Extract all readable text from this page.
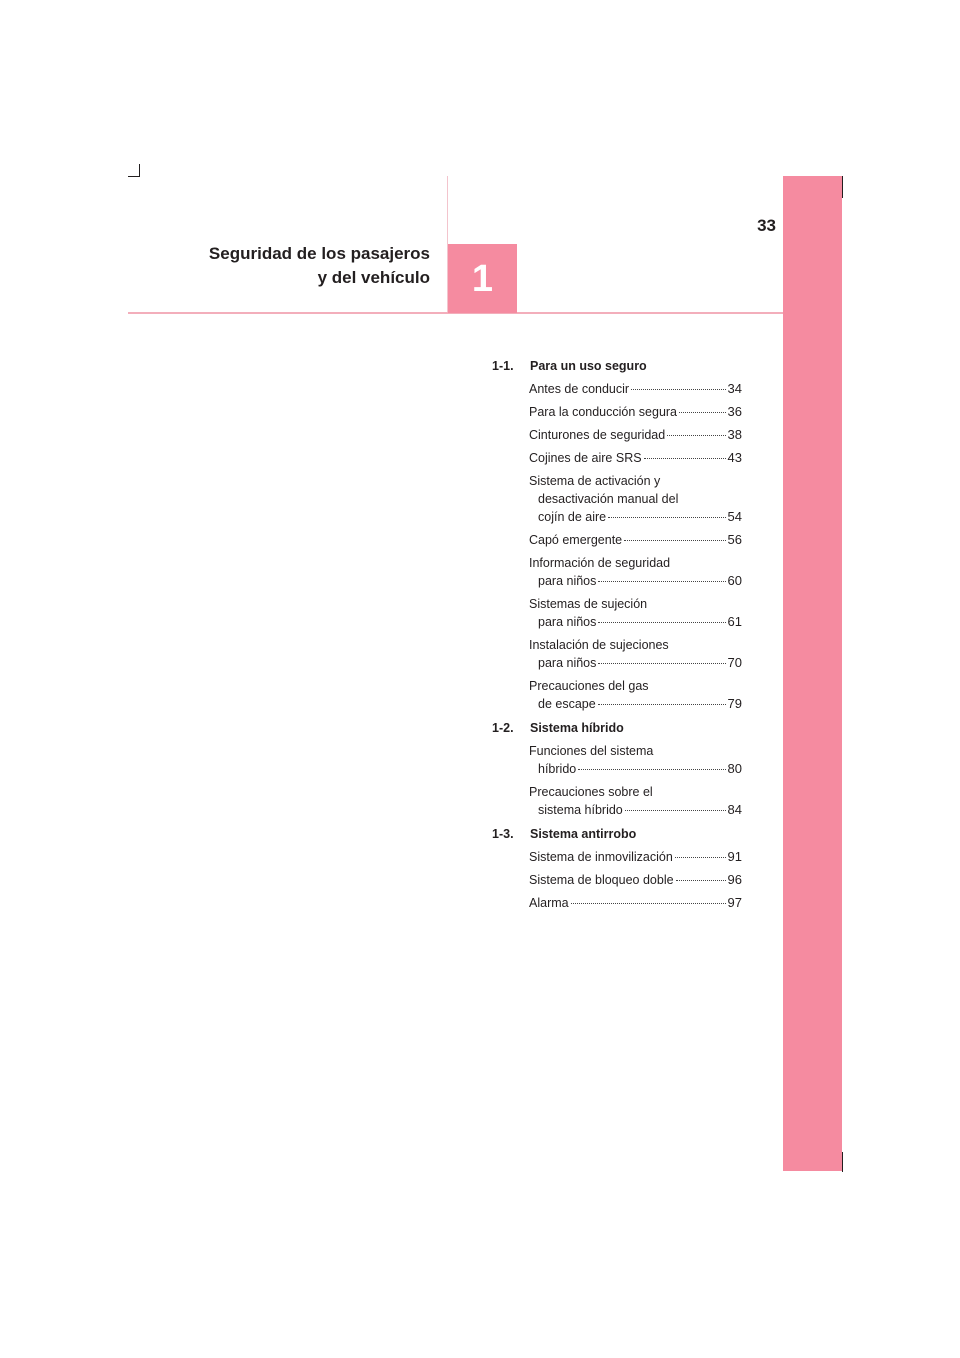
33
Seguridad de los pasajeros
y del vehículo	1
1-1.	Para un uso seguro
Antes de conducir	34
Para la conducción segura	36
Cinturones de seguridad	38
Cojines de aire SRS	43
Sistema de activación y
desactivación manual del
cojín de aire	54
Capó emergente	56
Información de seguridad
para niños	60
Sistemas de sujeción
para niños	61
Instalación de sujeciones
para niños	70
Precauciones del gas
de escape	79
1-2.	Sistema híbrido
Funciones del sistema
híbrido	80
Precauciones sobre el
sistema híbrido	84
1-3.	Sistema antirrobo
Sistema de inmovilización	91
Sistema de bloqueo doble	96
Alarma	97
